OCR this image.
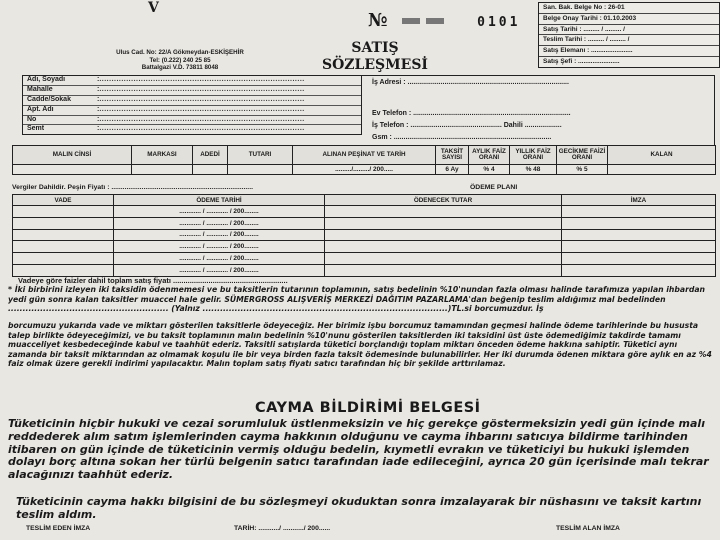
V
№	0101
San. Bak. Belge No : 26-01
Belge Onay Tarihi : 01.10.2003
Satış Tarihi : ......... / ......... /
Teslim Tarihi : ......... / ......... /
Satış Elemanı : .......................
Satış Şefi : .......................
Ulus Cad. No: 22/A Gökmeydan-ESKİŞEHİR
Tel: (0.222) 240 25 85
Battalgazi V.D. 73811 8048
SATIŞ
SÖZLEŞMESİ
Adı, Soyadı	:....................................................................................
Mahalle	:....................................................................................
Cadde/Sokak	:....................................................................................
Apt. Adı	:....................................................................................
No	:....................................................................................
Semt	:....................................................................................
İş Adresi : ...................................................................................
Ev Telefon : .................................................................................
İş Telefon : ............................................... Dahili ...................
Gsm : .................................................................................
MALIN CİNSİ	MARKASI	ADEDİ	TUTARI	ALINAN PEŞİNAT VE TARİH	TAKSİT SAYISI	AYLIK FAİZ ORANI	YILLIK FAİZ ORANI	GECİKME FAİZİ ORANI	KALAN
				........./........./ 200.....	6 Ay	% 4	% 48	% 5	
Vergiler Dahildir. Peşin Fiyatı : ...........................................................................	ÖDEME PLANI
VADE	ÖDEME TARİHİ	ÖDENECEK TUTAR	İMZA
	............ / ............ / 200........		
	............ / ............ / 200........		
	............ / ............ / 200........		
	............ / ............ / 200........		
	............ / ............ / 200........		
	............ / ............ / 200........		
Vadeye göre faizler dahil toplam satış fiyatı .......................................................
* İki birbirini izleyen iki taksidin ödenmemesi ve bu taksitlerin tutarının toplamının, satış bedelinin %10'nundan fazla olması halinde tarafımıza yapılan ihbardan yedi gün sonra kalan taksitler muaccel hale gelir. SÜMERGROSS ALIŞVERİŞ MERKEZİ DAĞITIM PAZARLAMA'dan beğenip teslim aldığımız mal bedelinden ....................................................... (Yalnız ....................................................................................)TL.si borcumuzdur. İş
borcumuzu yukarıda vade ve miktarı gösterilen taksitlerle ödeyeceğiz. Her birimiz işbu borcumuz tamamından geçmesi halinde ödeme tarihlerinde bu hususta talep birlikte ödeyeceğimizi, ve bu taksit toplamının malın bedelinin %10'nunu gösterilen taksitlerden iki taksidini üst üste ödemediğimiz takdirde tamamı muacceliyet kesbedeceğinde kabul ve taahhüt ederiz. Taksitli satışlarda tüketici borçlandığı toplam miktarı önceden ödeme hakkına sahiptir. Tüketici aynı zamanda bir taksit miktarından az olmamak koşulu ile bir veya birden fazla taksit ödemesinde bulunabilirler. Her iki durumda ödenen miktara göre aylık en az %4 faiz olmak üzere gerekli indirimi yapılacaktır. Malın toplam satış fiyatı satıcı tarafından hiç bir şekilde arttırılamaz.
CAYMA BİLDİRİMİ BELGESİ
Tüketicinin hiçbir hukuki ve cezai sorumluluk üstlenmeksizin ve hiç gerekçe göstermeksizin yedi gün içinde malı reddederek alım satım işlemlerinden cayma hakkının olduğunu ve cayma ihbarını satıcıya bildirme tarihinden itibaren on gün içinde de tüketicinin vermiş olduğu bedelin, kıymetli evrakın ve tüketiciyi bu hukuki işlemden dolayı borç altına sokan her türlü belgenin satıcı tarafından iade edileceğini, ayrıca 20 gün içerisinde malı tekrar alacağınızı taahhüt ederiz.
Tüketicinin cayma hakkı bilgisini de bu sözleşmeyi okuduktan sonra imzalayarak bir nüshasını ve taksit kartını teslim aldım.
TESLİM EDEN İMZA	TARİH: .........../ .........../ 200......	TESLİM ALAN İMZA
